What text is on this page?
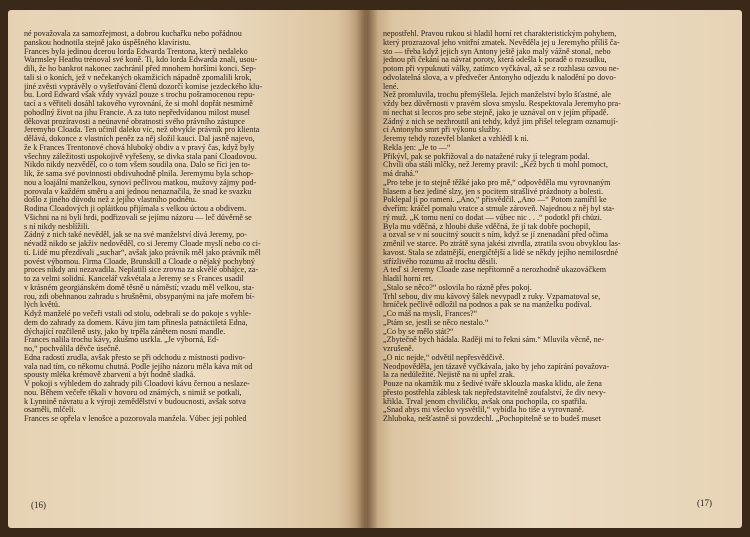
né považovala za samozřejmost, a dobrou kuchařku nebo pořádnou
panskou hodnotila stejně jako úspěšného klavíristu.
Frances byla jedinou dcerou lorda Edwarda Trentona, který nedaleko
Warmsley Heathu trénoval své koně. Ti, kdo lorda Edwarda znali, usou-
dili, že ho bankrot nakonec zachránil před mnohem horšími konci. Sep-
tali si o koních, jež v nečekaných okamžicích nápadně zpomalili krok,
jiné zvěsti vyprávěly o vyšetřování členů dozorčí komise jezdeckého klu-
bu. Lord Edward však vždy vyvázl pouze s trochu pošramocenou repu-
tací a s věřiteli dosáhl takového vyrovnání, že si mohl dopřát nesmírně
pohodlný život na jihu Francie. A za tuto nepředvídanou milost musel
děkovat prozíravosti a neúnavné obratnosti svého právního zástupce
Jeremyho Cloada. Ten učinil daleko víc, než obvykle právník pro klienta
dělává, dokonce z vlastních peněz za něj složil kauci. Dal jasně najevo,
že k Frances Trentonové chová hluboký obdiv a v pravý čas, když byly
všechny záležitosti uspokojivě vyřešeny, se divka stala paní Cloadovou.
Nikdo nikdy nezvěděl, co o tom všem soudila ona. Dalo se říci jen to-
lik, že sama své povinnosti obdivuhodně plnila. Jeremymu byla schop-
nou a loajální manželkou, synovi pečlivou matkou, mužovy zájmy pod-
porovala v každém směru a ani jednou nenaznačila, že snad ke svazku
došlo z jiného důvodu než z jejího vlastního podnětu.
Rodina Cloadových ji opláitkou přijímala s velkou úctou a obdivem.
Všichni na ni byli hrdi, podřizovali se jejímu názoru — leč důvěrně se
s ní nikdy nesblížili.
Žádný z nich také nevěděl, jak se na své manželství dívá Jeremy, po-
névadž nikdo se jakživ nedověděl, co si Jeremy Cloade myslí nebo co ci-
tí. Lidé mu přezdívali „suchar“, avšak jako právník měl jako právník měl
povést výbornou. Firma Cloade, Brunskill a Cloade o nějaký pochybný
proces nikdy ani nezavadila. Neplatili sice zrovna za skvělé obhájce, za-
to za velmi solidní. Kancelář vzkvétala a Jeremy se s Frances usadil
v krásném georgiánském domě těsně u náměstí; vzadu měl velkou, sta-
rou, zdi obehnanou zahradu s hrušněmi, obsypanými na jaře mořem bí-
lých květů.
Když manželé po večeři vstali od stolu, odebrali se do pokoje s vyhle-
dem do zahrady za domem. Kávu jim tam přinesla patnáctiletá Edna,
dýchající rozčileně usty, jako by trpěla zánětem nosní mandle.
Frances nalila trochu kávy, zkušmo usrkla. „Je výborná, Ed-
no,“ pochválila děvče úsečně.
Edna radostí zrudla, avšak přesto se při odchodu z místnosti podivo-
vala nad tím, co někomu chutná. Podle jejího názoru měla káva mít od
spousty mléka krémově zbarvení a být hodně sladká.
V pokoji s výhledem do zahrady pili Cloadovi kávu černou a neslaze-
nou. Během večeře těkali v hovoru od známých, s nimiž se potkali,
k Lynnině návratu a k výroji zemědělství v budoucnosti, avšak sotva
osaměli, mlčeli.
Frances se opřela v lenošce a pozorovala manžela. Vůbec její pohled
(16)
nepostřehl. Pravou rukou si hladil horní ret charakteristickým pohybem,
který prozrazoval jeho vnitřní zmatek. Nevěděla jej u Jeremyho příliš ča-
sto — třeba když jejich syn Antony ještě jako malý vážně stonal, nebo
jednou při čekání na návrat poroty, která odešla k poradě o rozsudku,
potom při vypuknutí války, zatímco vyčkával, až se z rozhlasu ozvou ne-
odvolatelná slova, a v předvečer Antonyho odjezdu k nalodění po dovo-
lené.
Než promluvila, trochu přemýšlela. Jejich manželství bylo šťastné, ale
vždy bez důvěrnosti v pravém slova smyslu. Respektovala Jeremyho pra-
ní nechat si leccos pro sebe stejně, jako je uznával on v jejím případě.
Žádný z nich se nezhroutil ani tehdy, když jim přišel telegram oznamují-
cí Antonyho smrt při výkonu služby.
Jeremy tehdy rozevřel blanket a vzhlédl k ní.
Řekla jen: „Je to —“
Přikývl, pak se pokřižoval a do natažené ruky jí telegram podal.
Chvíli oba stáli mlčky, než Jeremy pravil: „Kéž bych ti mohl pomoct,
má drahá.“
„Pro tebe je to stejně těžké jako pro mě,“ odpověděla mu vyrovnaným
hlasem a bez jediné slzy, jen s pocitem strašlivé prázdnoty a bolesti.
Poklepal jí po rameni. „Ano,“ přisvědčil. „Ano —“ Potom zamířil ke
dveřím: kráčel pomalu vratce a strnule zároveň. Najednou z něj byl sta-
rý muž. „K tomu není co dodat — vůbec nic . . .“ podotkl při chůzi.
Byla mu vděčná, z hloubi duše vděčná, že jí tak dobře pochopil,
a ozval se v ní soucitný soucit s ním, když se jí znenadání před očima
změnil ve starce. Po ztrátě syna jakési ztvrdla, ztratila svou obvyklou las-
kavost. Stala se zdatnější, energičtější a lidé se někdy jejího nemilosrdné
střízlivého rozumu až trochu děsili.
A teď si Jeremy Cloade zase nepřítomně a nerozhodně ukazováčkem
hladil horní ret.
„Stalo se něco?“ oslovila ho rázně přes pokoj.
Trhl sebou, div mu kávový šálek nevypadl z ruky. Vzpamatoval se,
hrníček pečlivě odložil na podnos a pak se na manželku podíval.
„Co máš na mysli, Frances?“
„Ptám se, jestli se něco nestalo.“
„Co by se mělo stát?“
„Zbytečně bych hádala. Raději mi to řekni sám.“ Mluvila věcně, ne-
vzrušeně.
„O nic nejde,“ odvětil nepřesvědčivě.
Neodpověděla, jen tázavě vyčkávala, jako by jeho zapírání považova-
la za nedůležité. Nejistě na ni upřel zrak.
Pouze na okamžik mu z šedivé tváře sklouzla maska klidu, ale žena
přesto postřehla záblesk tak nepředstavitelně zoufalství, že div nevy-
křikla. Trval jenom chviličku, avšak ona pochopila, co spatřila.
„Snad abys mi všecko vysvětlil,“ vybídla ho tiše a vyrovnaně.
Zhluboka, nešťastně si povzdechl. „Pochopitelně se to budeš muset
(17)
